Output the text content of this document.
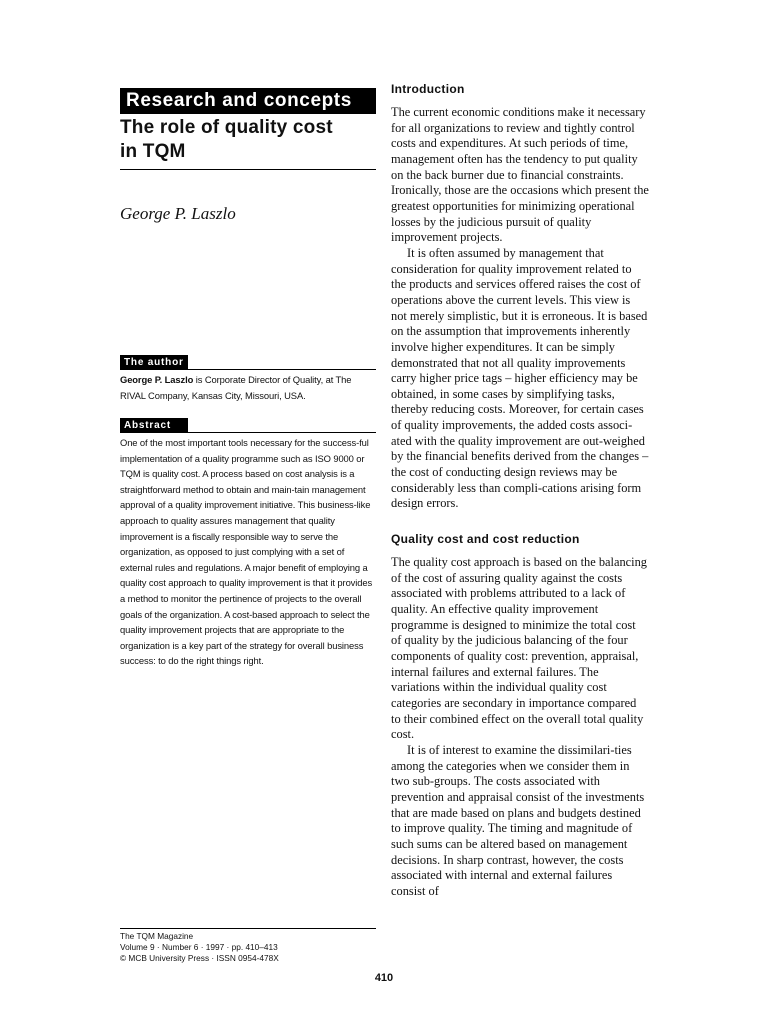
Research and concepts
The role of quality cost
in TQM
George P. Laszlo
The author

George P. Laszlo is Corporate Director of Quality, at The RIVAL Company, Kansas City, Missouri, USA.

Abstract

One of the most important tools necessary for the success-ful implementation of a quality programme such as ISO 9000 or TQM is quality cost. A process based on cost analysis is a straightforward method to obtain and main-tain management approval of a quality improvement initiative. This business-like approach to quality assures management that quality improvement is a fiscally responsible way to serve the organization, as opposed to just complying with a set of external rules and regulations. A major benefit of employing a quality cost approach to quality improvement is that it provides a method to monitor the pertinence of projects to the overall goals of the organization. A cost-based approach to select the quality improvement projects that are appropriate to the organization is a key part of the strategy for overall business success: to do the right things right.

The TQM Magazine
Volume 9 · Number 6 · 1997 · pp. 410–413
© MCB University Press · ISSN 0954-478X
Introduction

The current economic conditions make it necessary for all organizations to review and tightly control costs and expenditures. At such periods of time, management often has the tendency to put quality on the back burner due to financial constraints. Ironically, those are the occasions which present the greatest opportunities for minimizing operational losses by the judicious pursuit of quality improvement projects.

It is often assumed by management that consideration for quality improvement related to the products and services offered raises the cost of operations above the current levels. This view is not merely simplistic, but it is erroneous. It is based on the assumption that improvements inherently involve higher expenditures. It can be simply demonstrated that not all quality improvements carry higher price tags – higher efficiency may be obtained, in some cases by simplifying tasks, thereby reducing costs. Moreover, for certain cases of quality improvements, the added costs associ-ated with the quality improvement are out-weighed by the financial benefits derived from the changes – the cost of conducting design reviews may be considerably less than compli-cations arising form design errors.

Quality cost and cost reduction

The quality cost approach is based on the balancing of the cost of assuring quality against the costs associated with problems attributed to a lack of quality. An effective quality improvement programme is designed to minimize the total cost of quality by the judicious balancing of the four components of quality cost: prevention, appraisal, internal failures and external failures. The variations within the individual quality cost categories are secondary in importance compared to their combined effect on the overall total quality cost.

It is of interest to examine the dissimilari-ties among the categories when we consider them in two sub-groups. The costs associated with prevention and appraisal consist of the investments that are made based on plans and budgets destined to improve quality. The timing and magnitude of such sums can be altered based on management decisions. In sharp contrast, however, the costs associated with internal and external failures consist of

410
